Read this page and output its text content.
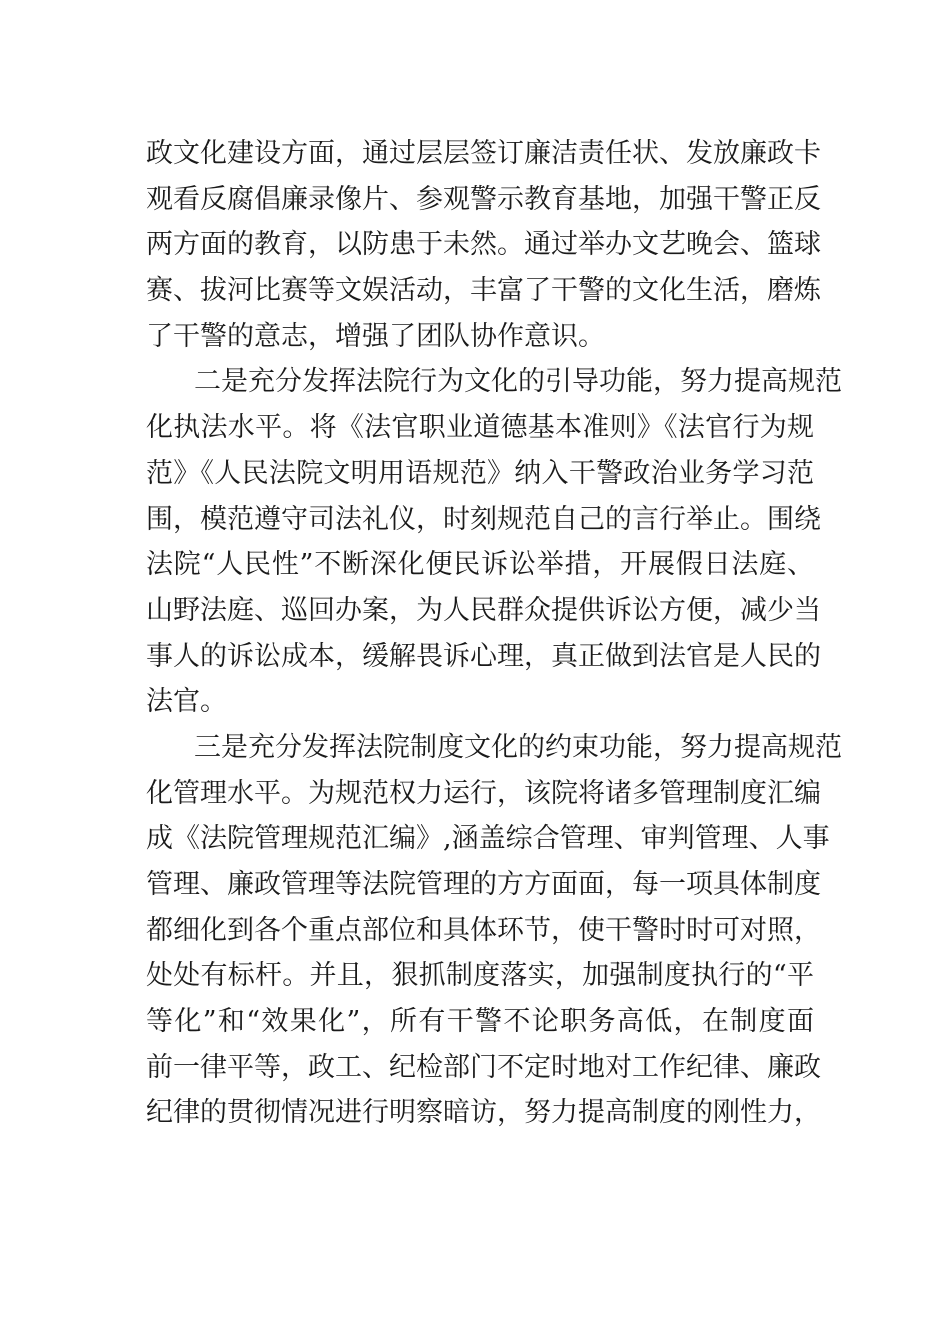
政文化建设方面，通过层层签订廉洁责任状、发放廉政卡
观看反腐倡廉录像片、参观警示教育基地，加强干警正反
两方面的教育，以防患于未然。通过举办文艺晚会、篮球
赛、拔河比赛等文娱活动，丰富了干警的文化生活，磨炼
了干警的意志，增强了团队协作意识。
二是充分发挥法院行为文化的引导功能，努力提高规范
化执法水平。将《法官职业道德基本准则》《法官行为规
范》《人民法院文明用语规范》纳入干警政治业务学习范
围，模范遵守司法礼仪，时刻规范自己的言行举止。围绕
法院“人民性”不断深化便民诉讼举措，开展假日法庭、
山野法庭、巡回办案，为人民群众提供诉讼方便，减少当
事人的诉讼成本，缓解畏诉心理，真正做到法官是人民的
法官。
三是充分发挥法院制度文化的约束功能，努力提高规范
化管理水平。为规范权力运行，该院将诸多管理制度汇编
成《法院管理规范汇编》,涵盖综合管理、审判管理、人事
管理、廉政管理等法院管理的方方面面，每一项具体制度
都细化到各个重点部位和具体环节，使干警时时可对照，
处处有标杆。并且，狠抓制度落实，加强制度执行的“平
等化”和“效果化”，所有干警不论职务高低，在制度面
前一律平等，政工、纪检部门不定时地对工作纪律、廉政
纪律的贯彻情况进行明察暗访，努力提高制度的刚性力，
